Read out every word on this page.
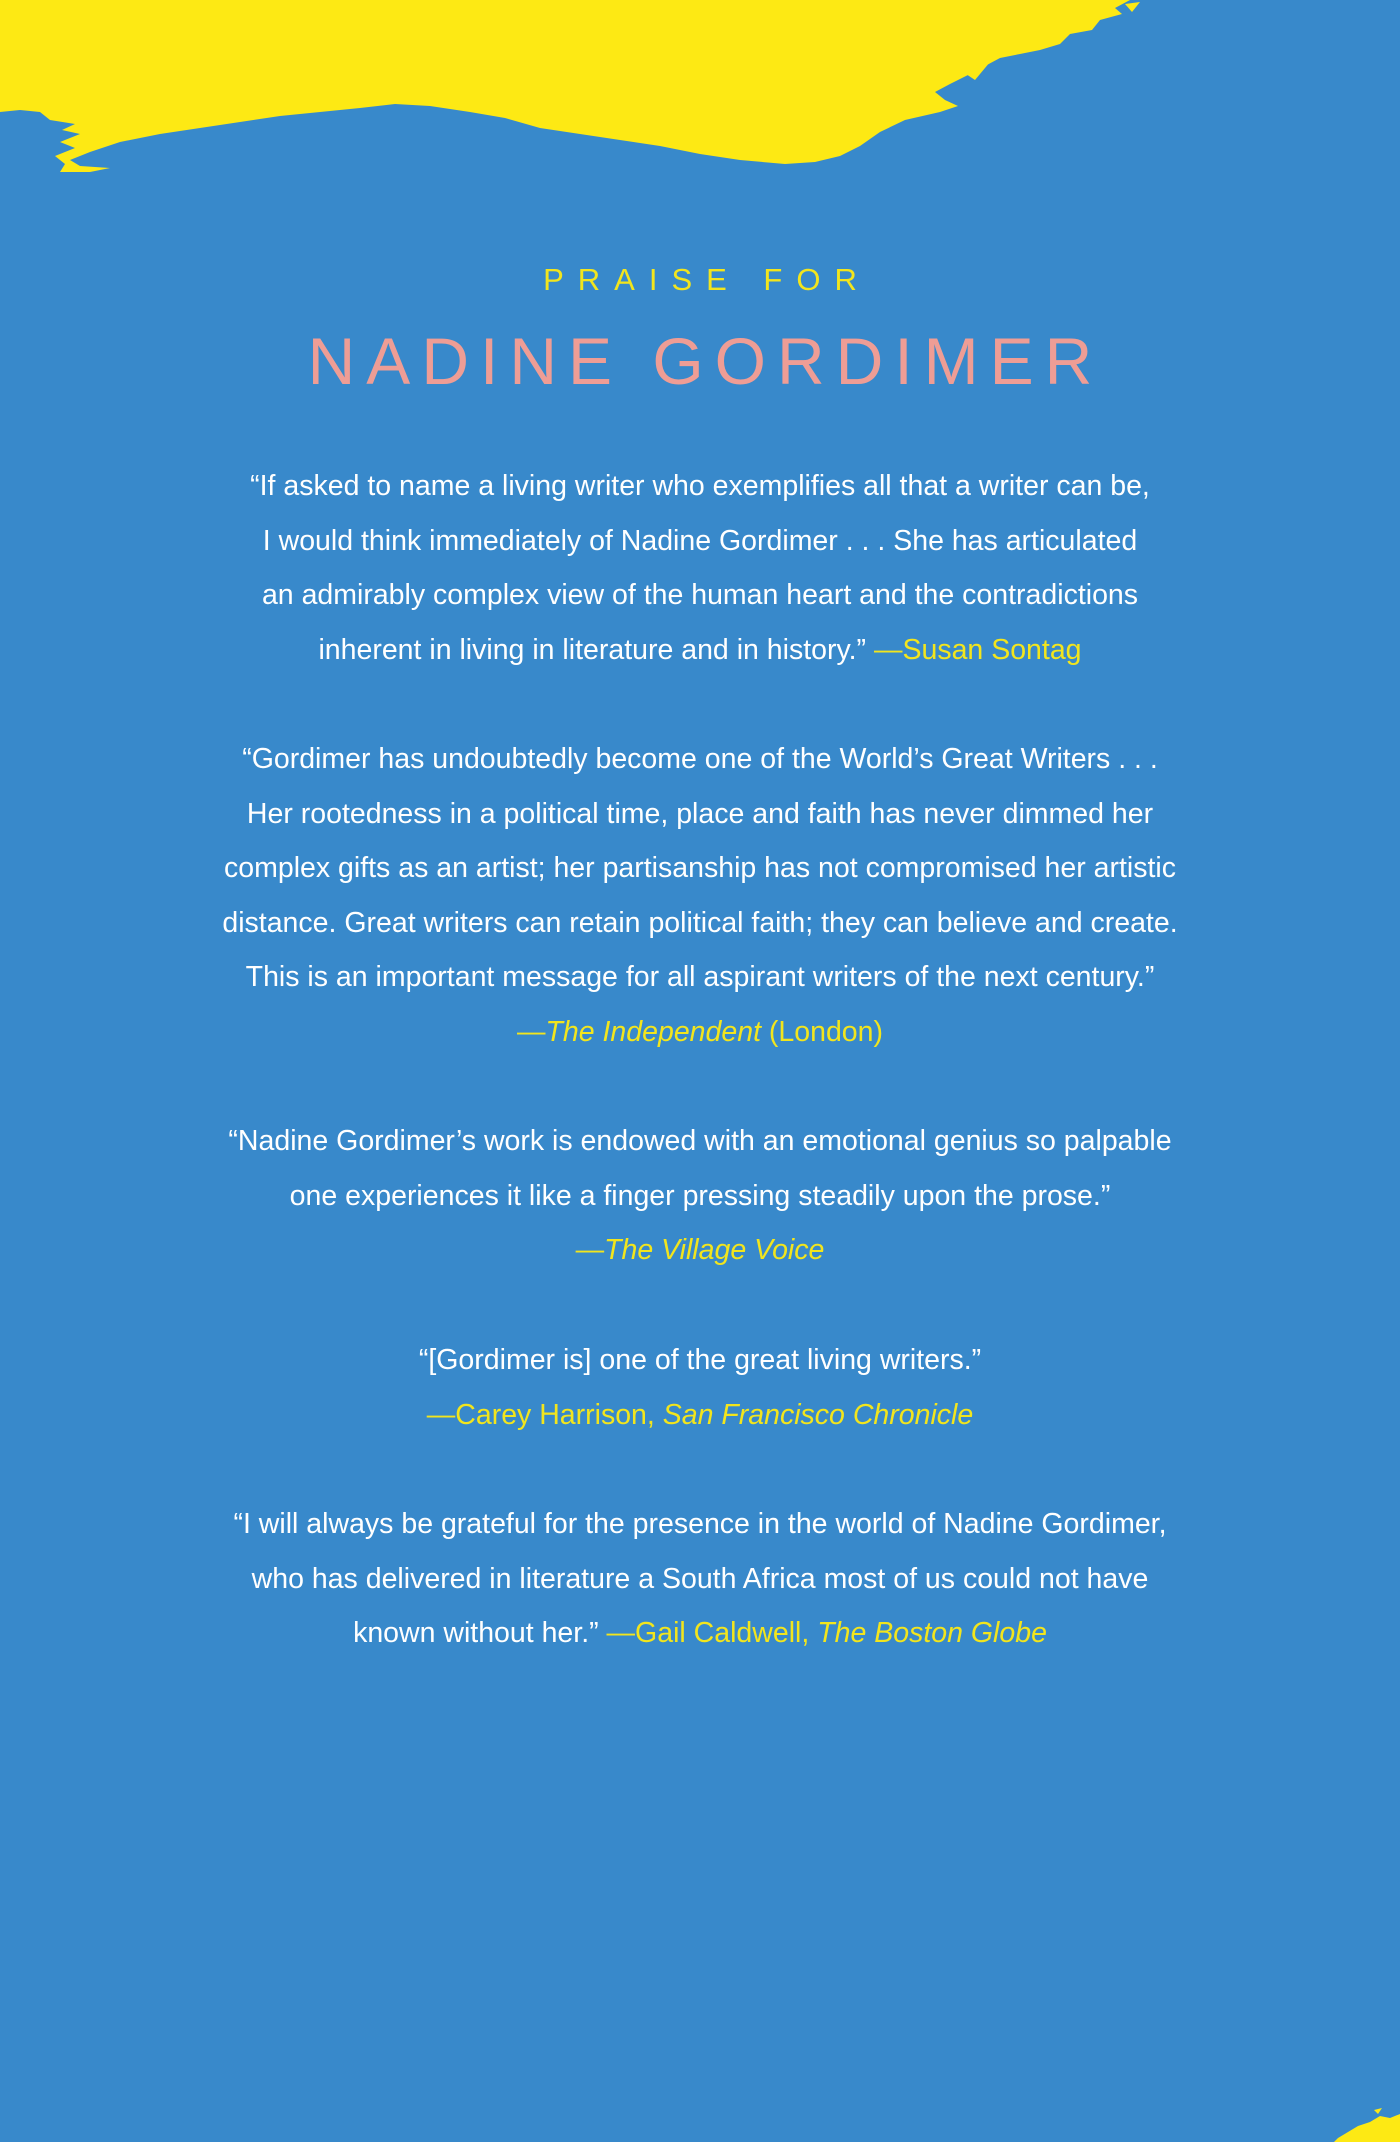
PRAISE FOR
NADINE GORDIMER
“If asked to name a living writer who exemplifies all that a writer can be,
I would think immediately of Nadine Gordimer . . . She has articulated
an admirably complex view of the human heart and the contradictions
inherent in living in literature and in history.” —Susan Sontag
“Gordimer has undoubtedly become one of the World’s Great Writers . . .
Her rootedness in a political time, place and faith has never dimmed her
complex gifts as an artist; her partisanship has not compromised her artistic
distance. Great writers can retain political faith; they can believe and create.
This is an important message for all aspirant writers of the next century.”
—The Independent (London)
“Nadine Gordimer’s work is endowed with an emotional genius so palpable
one experiences it like a finger pressing steadily upon the prose.”
—The Village Voice
“[Gordimer is] one of the great living writers.”
—Carey Harrison, San Francisco Chronicle
“I will always be grateful for the presence in the world of Nadine Gordimer,
who has delivered in literature a South Africa most of us could not have
known without her.” —Gail Caldwell, The Boston Globe
